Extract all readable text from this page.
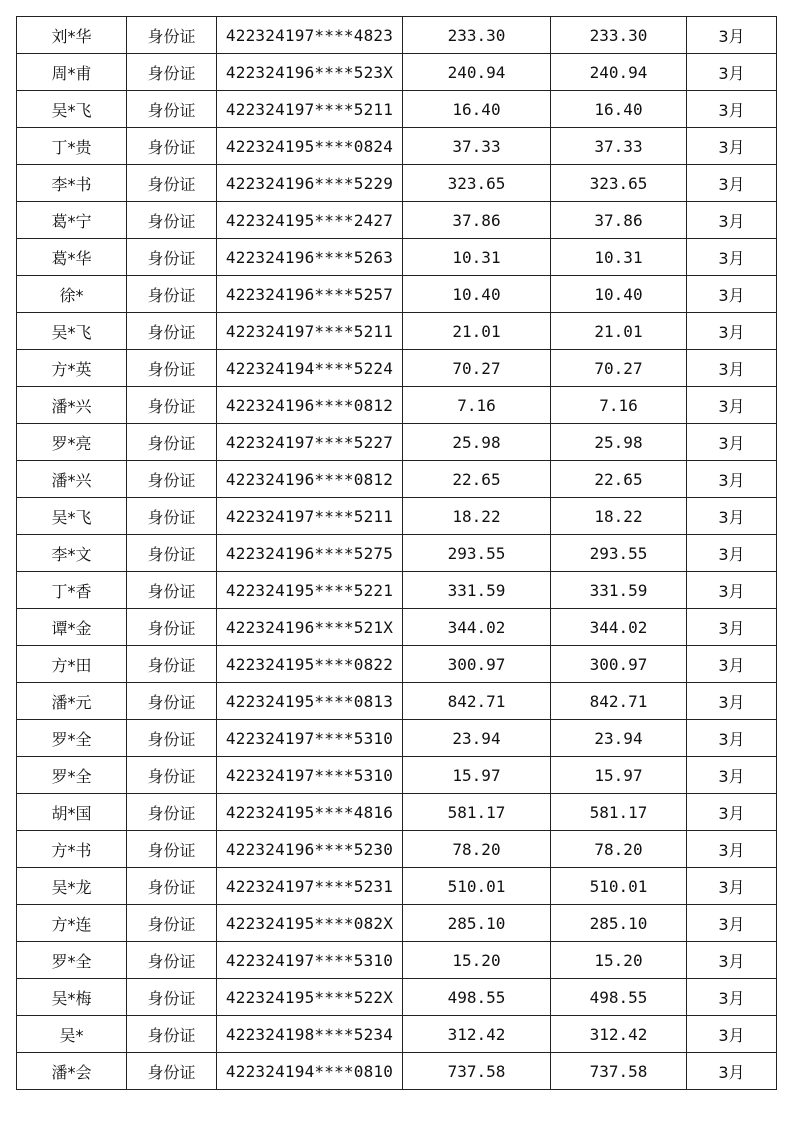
刘*华	身份证	422324197****4823	233.30	233.30	3月
周*甫	身份证	422324196****523X	240.94	240.94	3月
吴*飞	身份证	422324197****5211	16.40	16.40	3月
丁*贵	身份证	422324195****0824	37.33	37.33	3月
李*书	身份证	422324196****5229	323.65	323.65	3月
葛*宁	身份证	422324195****2427	37.86	37.86	3月
葛*华	身份证	422324196****5263	10.31	10.31	3月
徐*	身份证	422324196****5257	10.40	10.40	3月
吴*飞	身份证	422324197****5211	21.01	21.01	3月
方*英	身份证	422324194****5224	70.27	70.27	3月
潘*兴	身份证	422324196****0812	7.16	7.16	3月
罗*亮	身份证	422324197****5227	25.98	25.98	3月
潘*兴	身份证	422324196****0812	22.65	22.65	3月
吴*飞	身份证	422324197****5211	18.22	18.22	3月
李*文	身份证	422324196****5275	293.55	293.55	3月
丁*香	身份证	422324195****5221	331.59	331.59	3月
谭*金	身份证	422324196****521X	344.02	344.02	3月
方*田	身份证	422324195****0822	300.97	300.97	3月
潘*元	身份证	422324195****0813	842.71	842.71	3月
罗*全	身份证	422324197****5310	23.94	23.94	3月
罗*全	身份证	422324197****5310	15.97	15.97	3月
胡*国	身份证	422324195****4816	581.17	581.17	3月
方*书	身份证	422324196****5230	78.20	78.20	3月
吴*龙	身份证	422324197****5231	510.01	510.01	3月
方*连	身份证	422324195****082X	285.10	285.10	3月
罗*全	身份证	422324197****5310	15.20	15.20	3月
吴*梅	身份证	422324195****522X	498.55	498.55	3月
吴*	身份证	422324198****5234	312.42	312.42	3月
潘*会	身份证	422324194****0810	737.58	737.58	3月
